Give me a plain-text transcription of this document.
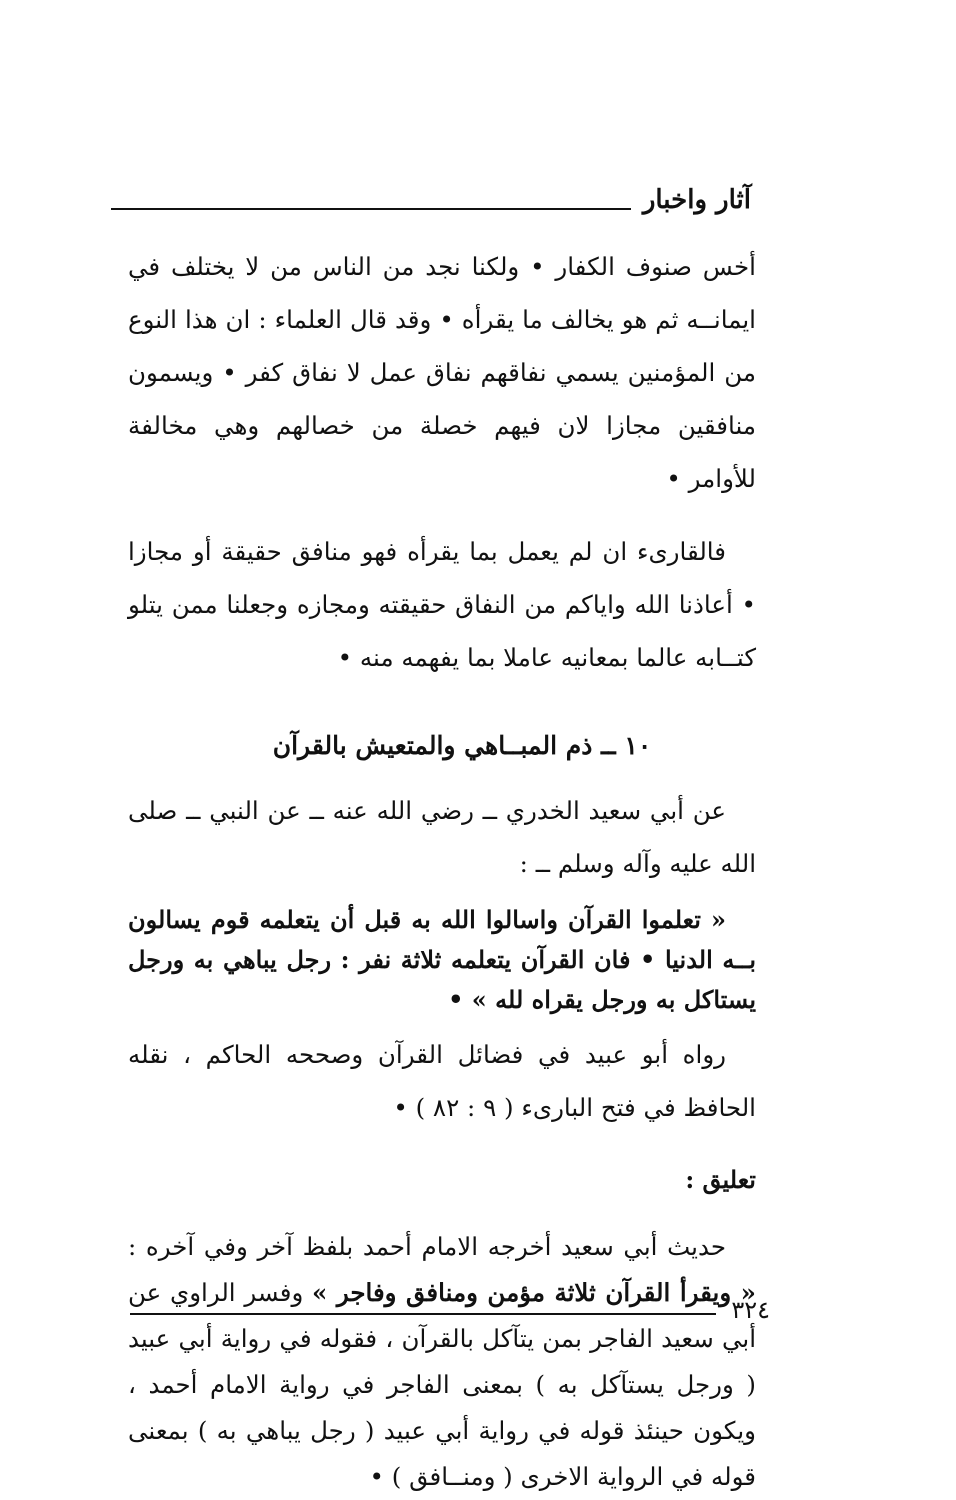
آثار واخبار

أخس صنوف الكفار • ولكنا نجد من الناس من لا يختلف في ايمانــه ثم هو يخالف ما يقرأه • وقد قال العلماء : ان هذا النوع من المؤمنين يسمي نفاقهم نفاق عمل لا نفاق كفر • ويسمون منافقين مجازا لان فيهم خصلة من خصالهم وهي مخالفة للأوامر •

فالقارىء ان لم يعمل بما يقرأه فهو منافق حقيقة أو مجازا • أعاذنا الله واياكم من النفاق حقيقته ومجازه وجعلنا ممن يتلو كتــابه عالما بمعانيه عاملا بما يفهمه منه •

١٠ ــ ذم المبــاهي والمتعيش بالقرآن

عن أبي سعيد الخدري ــ رضي الله عنه ــ عن النبي ــ صلى الله عليه وآله وسلم ــ :

« تعلموا القرآن واسالوا الله به قبل أن يتعلمه قوم يسالون بــه الدنيا • فان القرآن يتعلمه ثلاثة نفر : رجل يباهي به ورجل يستاكل به ورجل يقراه لله » •

رواه أبو عبيد في فضائل القرآن وصححه الحاكم ، نقله الحافظ في فتح البارىء ( ٩ : ٨٢ ) •

تعليق :

حديث أبي سعيد أخرجه الامام أحمد بلفظ آخر وفي آخره : « ويقرأ القرآن ثلاثة مؤمن ومنافق وفاجر » وفسر الراوي عن أبي سعيد الفاجر بمن يتآكل بالقرآن ، فقوله في رواية أبي عبيد ( ورجل يستآكل به ) بمعنى الفاجر في رواية الامام أحمد ، ويكون حينئذ قوله في رواية أبي عبيد ( رجل يباهي به ) بمعنى قوله في الرواية الاخرى ( ومنــافق ) •

٣٢٤
